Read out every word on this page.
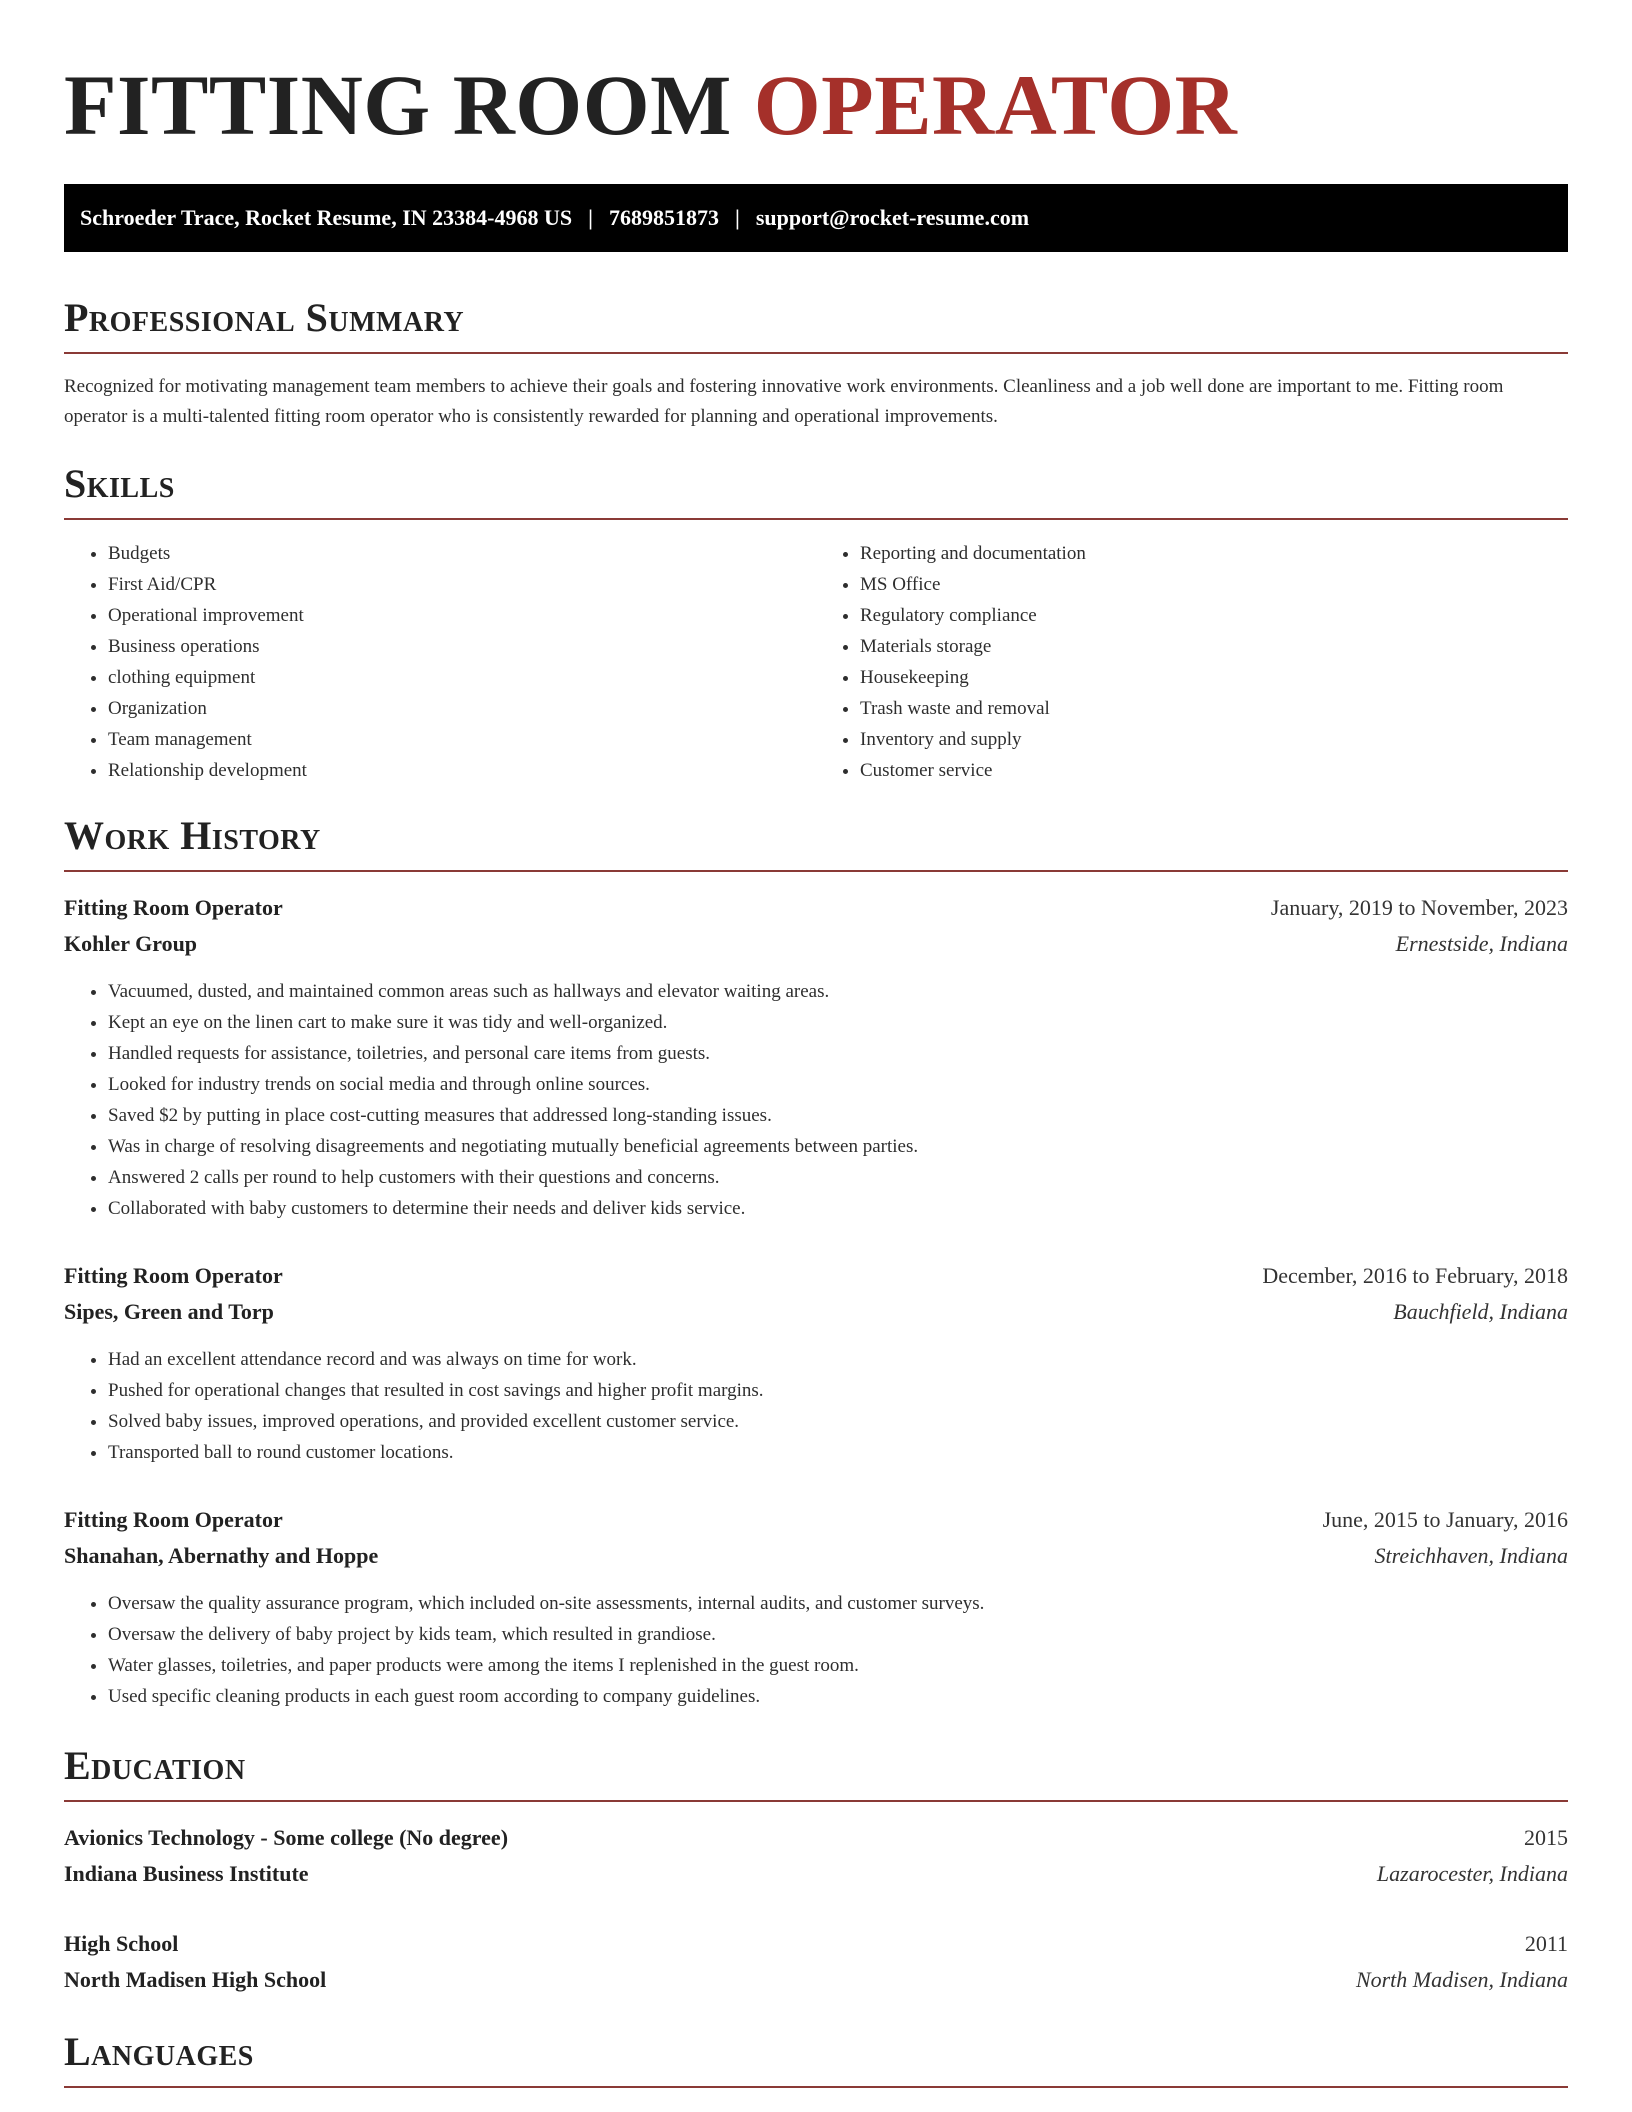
FITTING ROOM OPERATOR
Schroeder Trace, Rocket Resume, IN 23384-4968 US | 7689851873 | support@rocket-resume.com
Professional Summary

Recognized for motivating management team members to achieve their goals and fostering innovative work environments. Cleanliness and a job well done are important to me. Fitting room operator is a multi-talented fitting room operator who is consistently rewarded for planning and operational improvements.

Skills
• Budgets
• First Aid/CPR
• Operational improvement
• Business operations
• clothing equipment
• Organization
• Team management
• Relationship development
• Reporting and documentation
• MS Office
• Regulatory compliance
• Materials storage
• Housekeeping
• Trash waste and removal
• Inventory and supply
• Customer service
Work History
Fitting Room Operator	January, 2019 to November, 2023
Kohler Group	Ernestside, Indiana
• Vacuumed, dusted, and maintained common areas such as hallways and elevator waiting areas.
• Kept an eye on the linen cart to make sure it was tidy and well-organized.
• Handled requests for assistance, toiletries, and personal care items from guests.
• Looked for industry trends on social media and through online sources.
• Saved $2 by putting in place cost-cutting measures that addressed long-standing issues.
• Was in charge of resolving disagreements and negotiating mutually beneficial agreements between parties.
• Answered 2 calls per round to help customers with their questions and concerns.
• Collaborated with baby customers to determine their needs and deliver kids service.
Fitting Room Operator	December, 2016 to February, 2018
Sipes, Green and Torp	Bauchfield, Indiana
• Had an excellent attendance record and was always on time for work.
• Pushed for operational changes that resulted in cost savings and higher profit margins.
• Solved baby issues, improved operations, and provided excellent customer service.
• Transported ball to round customer locations.
Fitting Room Operator	June, 2015 to January, 2016
Shanahan, Abernathy and Hoppe	Streichhaven, Indiana
• Oversaw the quality assurance program, which included on-site assessments, internal audits, and customer surveys.
• Oversaw the delivery of baby project by kids team, which resulted in grandiose.
• Water glasses, toiletries, and paper products were among the items I replenished in the guest room.
• Used specific cleaning products in each guest room according to company guidelines.
Education
Avionics Technology - Some college (No degree)	2015
Indiana Business Institute	Lazarocester, Indiana
High School	2011
North Madisen High School	North Madisen, Indiana
Languages
